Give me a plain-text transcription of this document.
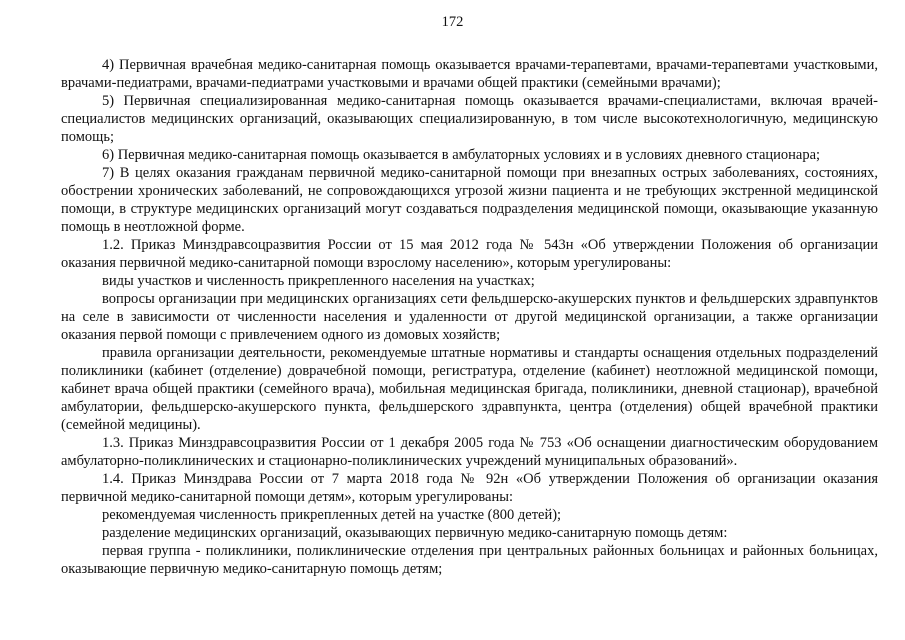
172

4) Первичная врачебная медико-санитарная помощь оказывается врачами-терапевтами, врачами-терапевтами участковыми, врачами-педиатрами, врачами-педиатрами участковыми и врачами общей практики (семейными врачами);

5) Первичная специализированная медико-санитарная помощь оказывается врачами-специалистами, включая врачей-специалистов медицинских организаций, оказывающих специализированную, в том числе высокотехнологичную, медицинскую помощь;

6) Первичная медико-санитарная помощь оказывается в амбулаторных условиях и в условиях дневного стационара;

7) В целях оказания гражданам первичной медико-санитарной помощи при внезапных острых заболеваниях, состояниях, обострении хронических заболеваний, не сопровождающихся угрозой жизни пациента и не требующих экстренной медицинской помощи, в структуре медицинских организаций могут создаваться подразделения медицинской помощи, оказывающие указанную помощь в неотложной форме.

1.2. Приказ Минздравсоцразвития России от 15 мая 2012 года № 543н «Об утверждении Положения об организации оказания первичной медико-санитарной помощи взрослому населению», которым урегулированы:

виды участков и численность прикрепленного населения на участках;

вопросы организации при медицинских организациях сети фельдшерско-акушерских пунктов и фельдшерских здравпунктов на селе в зависимости от численности населения и удаленности от другой медицинской организации, а также организации оказания первой помощи с привлечением одного из домовых хозяйств;

правила организации деятельности, рекомендуемые штатные нормативы и стандарты оснащения отдельных подразделений поликлиники (кабинет (отделение) доврачебной помощи, регистратура, отделение (кабинет) неотложной медицинской помощи, кабинет врача общей практики (семейного врача), мобильная медицинская бригада, поликлиники, дневной стационар), врачебной амбулатории, фельдшерско-акушерского пункта, фельдшерского здравпункта, центра (отделения) общей врачебной практики (семейной медицины).

1.3. Приказ Минздравсоцразвития России от 1 декабря 2005 года № 753 «Об оснащении диагностическим оборудованием амбулаторно-поликлинических и стационарно-поликлинических учреждений муниципальных образований».

1.4. Приказ Минздрава России от 7 марта 2018 года № 92н «Об утверждении Положения об организации оказания первичной медико-санитарной помощи детям», которым урегулированы:

рекомендуемая численность прикрепленных детей на участке (800 детей);

разделение медицинских организаций, оказывающих первичную медико-санитарную помощь детям:

первая группа - поликлиники, поликлинические отделения при центральных районных больницах и районных больницах, оказывающие первичную медико-санитарную помощь детям;
